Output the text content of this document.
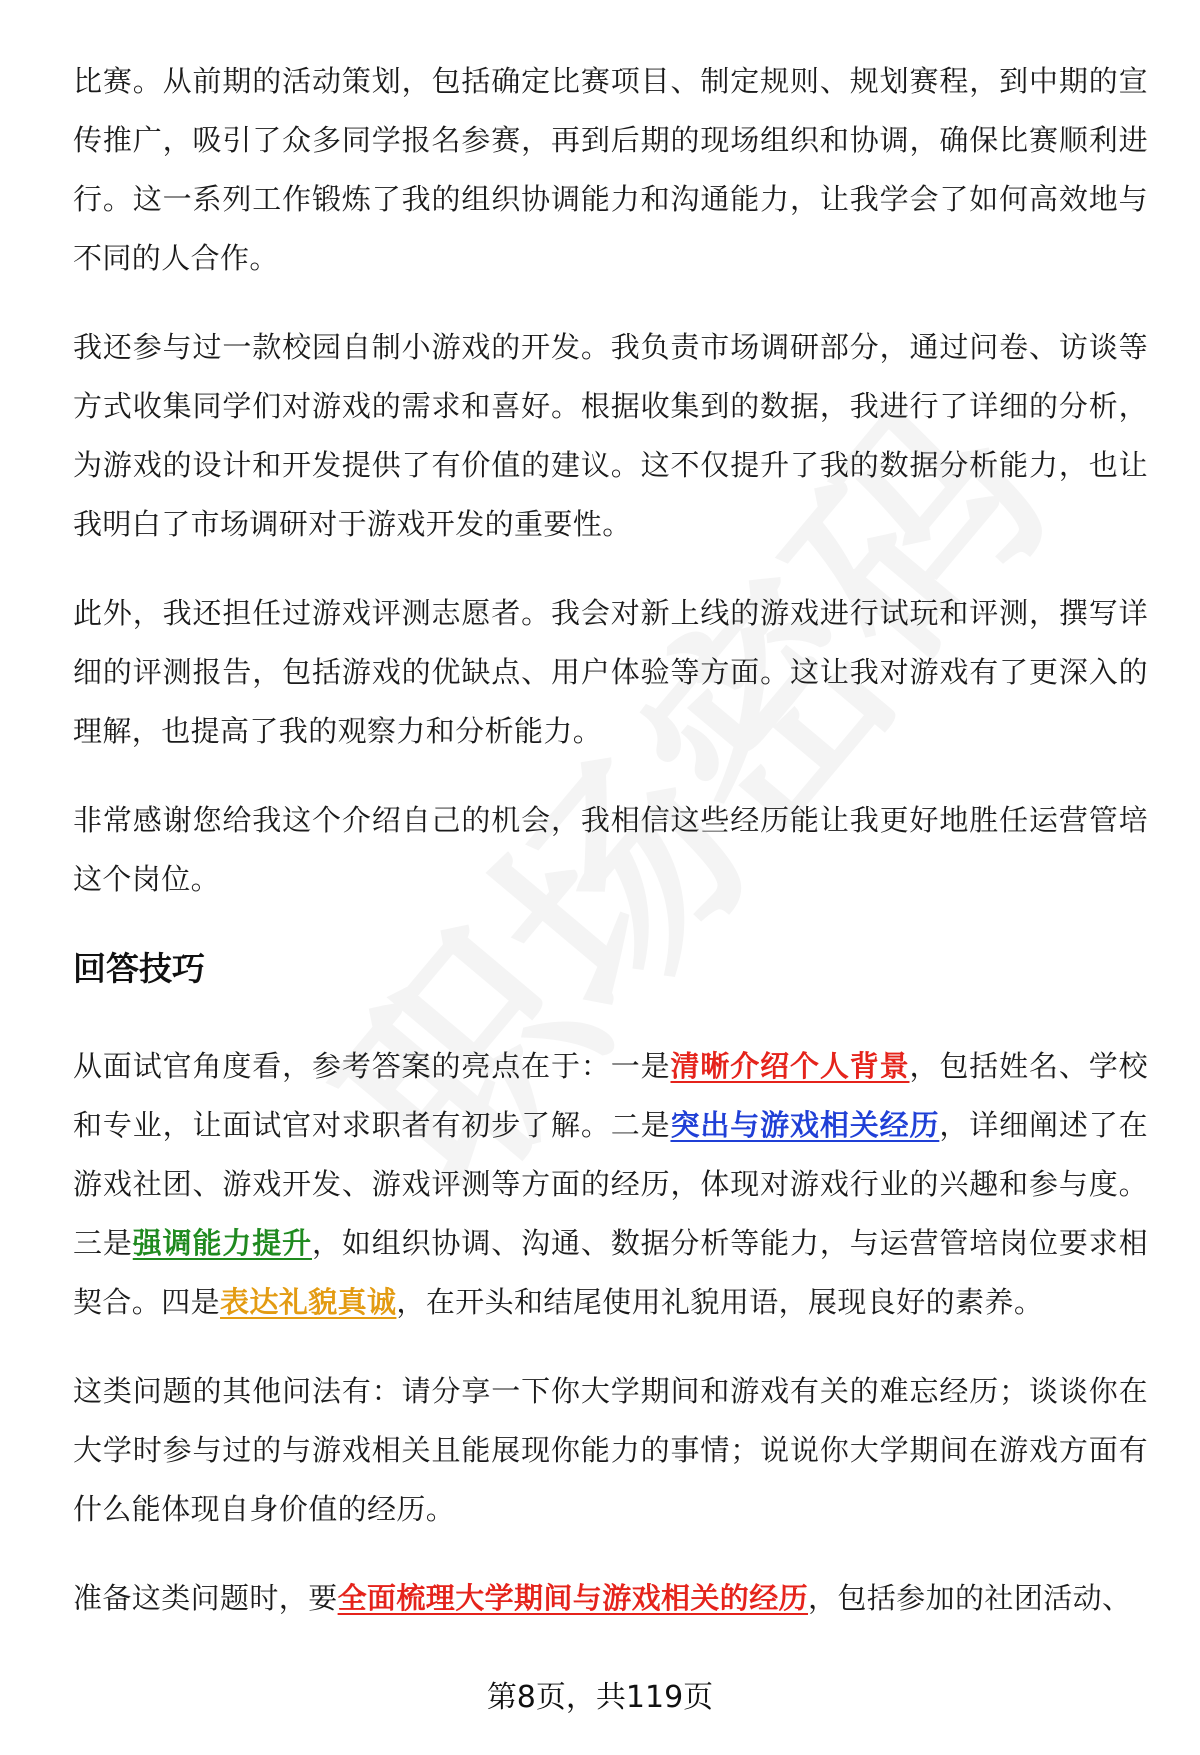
比赛。从前期的活动策划，包括确定比赛项目、制定规则、规划赛程，到中期的宣传推广，吸引了众多同学报名参赛，再到后期的现场组织和协调，确保比赛顺利进行。这一系列工作锻炼了我的组织协调能力和沟通能力，让我学会了如何高效地与不同的人合作。

我还参与过一款校园自制小游戏的开发。我负责市场调研部分，通过问卷、访谈等方式收集同学们对游戏的需求和喜好。根据收集到的数据，我进行了详细的分析，为游戏的设计和开发提供了有价值的建议。这不仅提升了我的数据分析能力，也让我明白了市场调研对于游戏开发的重要性。

此外，我还担任过游戏评测志愿者。我会对新上线的游戏进行试玩和评测，撰写详细的评测报告，包括游戏的优缺点、用户体验等方面。这让我对游戏有了更深入的理解，也提高了我的观察力和分析能力。

非常感谢您给我这个介绍自己的机会，我相信这些经历能让我更好地胜任运营管培这个岗位。

回答技巧

从面试官角度看，参考答案的亮点在于：一是清晰介绍个人背景，包括姓名、学校和专业，让面试官对求职者有初步了解。二是突出与游戏相关经历，详细阐述了在游戏社团、游戏开发、游戏评测等方面的经历，体现对游戏行业的兴趣和参与度。三是强调能力提升，如组织协调、沟通、数据分析等能力，与运营管培岗位要求相契合。四是表达礼貌真诚，在开头和结尾使用礼貌用语，展现良好的素养。

这类问题的其他问法有：请分享一下你大学期间和游戏有关的难忘经历；谈谈你在大学时参与过的与游戏相关且能展现你能力的事情；说说你大学期间在游戏方面有什么能体现自身价值的经历。

准备这类问题时，要全面梳理大学期间与游戏相关的经历，包括参加的社团活动、

第8页，共119页
